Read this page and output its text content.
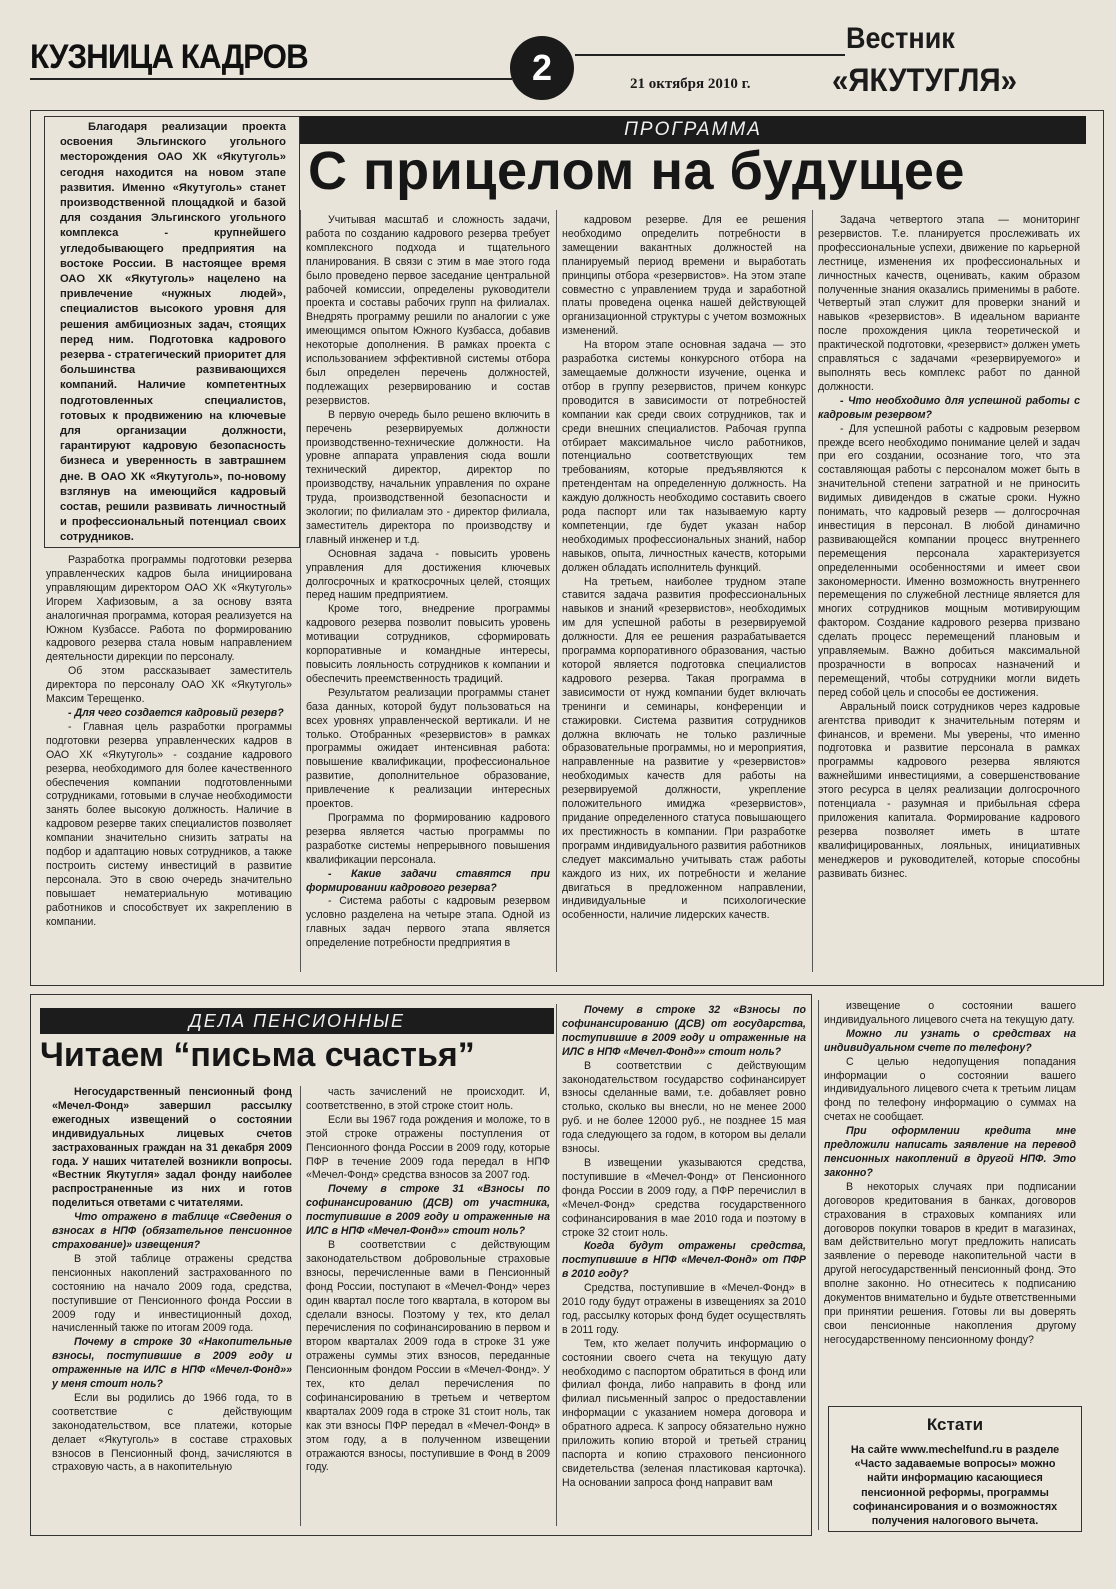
КУЗНИЦА КАДРОВ	2	21 октября 2010 г.
Вестник
«ЯКУТУГЛЯ»
Благодаря реализации проекта освоения Эльгинского угольного месторождения ОАО ХК «Якутуголь» сегодня находится на новом этапе развития. Именно «Якутуголь» станет производственной площадкой и базой для создания Эльгинского угольного комплекса - крупнейшего угледобывающего предприятия на востоке России. В настоящее время ОАО ХК «Якутуголь» нацелено на привлечение «нужных людей», специалистов высокого уровня для решения амбициозных задач, стоящих перед ним. Подготовка кадрового резерва - стратегический приоритет для большинства развивающихся компаний. Наличие компетентных подготовленных специалистов, готовых к продвижению на ключевые для организации должности, гарантируют кадровую безопасность бизнеса и уверенность в завтрашнем дне. В ОАО ХК «Якутуголь», по-новому взглянув на имеющийся кадровый состав, решили развивать личностный и профессиональный потенциал своих сотрудников.
ПРОГРАММА
С прицелом на будущее

Разработка программы подготовки резерва управленческих кадров была инициирована управляющим директором ОАО ХК «Якутуголь» Игорем Хафизовым, а за основу взята аналогичная программа, которая реализуется на Южном Кузбассе. Работа по формированию кадрового резерва стала новым направлением деятельности дирекции по персоналу.

Об этом рассказывает заместитель директора по персоналу ОАО ХК «Якутуголь» Максим Терещенко.

- Для чего создается кадровый резерв?

- Главная цель разработки программы подготовки резерва управленческих кадров в ОАО ХК «Якутуголь» - создание кадрового резерва, необходимого для более качественного обеспечения компании подготовленными сотрудниками, готовыми в случае необходимости занять более высокую должность. Наличие в кадровом резерве таких специалистов позволяет компании значительно снизить затраты на подбор и адаптацию новых сотрудников, а также построить систему инвестиций в развитие персонала. Это в свою очередь значительно повышает нематериальную мотивацию работников и способствует их закреплению в компании.

Учитывая масштаб и сложность задачи, работа по созданию кадрового резерва требует комплексного подхода и тщательного планирования. В связи с этим в мае этого года было проведено первое заседание центральной рабочей комиссии, определены руководители проекта и составы рабочих групп на филиалах. Внедрять программу решили по аналогии с уже имеющимся опытом Южного Кузбасса, добавив некоторые дополнения. В рамках проекта с использованием эффективной системы отбора был определен перечень должностей, подлежащих резервированию и состав резервистов.

В первую очередь было решено включить в перечень резервируемых должности производственно-технические должности. На уровне аппарата управления сюда вошли технический директор, директор по производству, начальник управления по охране труда, производственной безопасности и экологии; по филиалам это - директор филиала, заместитель директора по производству и главный инженер и т.д.

Основная задача - повысить уровень управления для достижения ключевых долгосрочных и краткосрочных целей, стоящих перед нашим предприятием.

Кроме того, внедрение программы кадрового резерва позволит повысить уровень мотивации сотрудников, сформировать корпоративные и командные интересы, повысить лояльность сотрудников к компании и обеспечить преемственность традиций.

Результатом реализации программы станет база данных, которой будут пользоваться на всех уровнях управленческой вертикали. И не только. Отобранных «резервистов» в рамках программы ожидает интенсивная работа: повышение квалификации, профессиональное развитие, дополнительное образование, привлечение к реализации интересных проектов.

Программа по формированию кадрового резерва является частью программы по разработке системы непрерывного повышения квалификации персонала.

- Какие задачи ставятся при формировании кадрового резерва?

- Система работы с кадровым резервом условно разделена на четыре этапа. Одной из главных задач первого этапа является определение потребности предприятия в

кадровом резерве. Для ее решения необходимо определить потребности в замещении вакантных должностей на планируемый период времени и выработать принципы отбора «резервистов». На этом этапе совместно с управлением труда и заработной платы проведена оценка нашей действующей организационной структуры с учетом возможных изменений.

На втором этапе основная задача — это разработка системы конкурсного отбора на замещаемые должности изучение, оценка и отбор в группу резервистов, причем конкурс проводится в зависимости от потребностей компании как среди своих сотрудников, так и среди внешних специалистов. Рабочая группа отбирает максимальное число работников, потенциально соответствующих тем требованиям, которые предъявляются к претендентам на определенную должность. На каждую должность необходимо составить своего рода паспорт или так называемую карту компетенции, где будет указан набор необходимых профессиональных знаний, набор навыков, опыта, личностных качеств, которыми должен обладать исполнитель функций.

На третьем, наиболее трудном этапе ставится задача развития профессиональных навыков и знаний «резервистов», необходимых им для успешной работы в резервируемой должности. Для ее решения разрабатывается программа корпоративного образования, частью которой является подготовка специалистов кадрового резерва. Такая программа в зависимости от нужд компании будет включать тренинги и семинары, конференции и стажировки. Система развития сотрудников должна включать не только различные образовательные программы, но и мероприятия, направленные на развитие у «резервистов» необходимых качеств для работы на резервируемой должности, укрепление положительного имиджа «резервистов», придание определенного статуса повышающего их престижность в компании. При разработке программ индивидуального развития работников следует максимально учитывать стаж работы каждого из них, их потребности и желание двигаться в предложенном направлении, индивидуальные и психологические особенности, наличие лидерских качеств.

Задача четвертого этапа — мониторинг резервистов. Т.е. планируется прослеживать их профессиональные успехи, движение по карьерной лестнице, изменения их профессиональных и личностных качеств, оценивать, каким образом полученные знания оказались применимы в работе. Четвертый этап служит для проверки знаний и навыков «резервистов». В идеальном варианте после прохождения цикла теоретической и практической подготовки, «резервист» должен уметь справляться с задачами «резервируемого» и выполнять весь комплекс работ по данной должности.

- Что необходимо для успешной работы с кадровым резервом?

- Для успешной работы с кадровым резервом прежде всего необходимо понимание целей и задач при его создании, осознание того, что эта составляющая работы с персоналом может быть в значительной степени затратной и не приносить видимых дивидендов в сжатые сроки. Нужно понимать, что кадровый резерв — долгосрочная инвестиция в персонал. В любой динамично развивающейся компании процесс внутреннего перемещения персонала характеризуется определенными особенностями и имеет свои закономерности. Именно возможность внутреннего перемещения по служебной лестнице является для многих сотрудников мощным мотивирующим фактором. Создание кадрового резерва призвано сделать процесс перемещений плановым и управляемым. Важно добиться максимальной прозрачности в вопросах назначений и перемещений, чтобы сотрудники могли видеть перед собой цель и способы ее достижения.

Авральный поиск сотрудников через кадровые агентства приводит к значительным потерям и финансов, и времени. Мы уверены, что именно подготовка и развитие персонала в рамках программы кадрового резерва являются важнейшими инвестициями, а совершенствование этого ресурса в целях реализации долгосрочного потенциала - разумная и прибыльная сфера приложения капитала. Формирование кадрового резерва позволяет иметь в штате квалифицированных, лояльных, инициативных менеджеров и руководителей, которые способны развивать бизнес.

ДЕЛА ПЕНСИОННЫЕ
Читаем “письма счастья”

Негосударственный пенсионный фонд «Мечел-Фонд» завершил рассылку ежегодных извещений о состоянии индивидуальных лицевых счетов застрахованных граждан на 31 декабря 2009 года. У наших читателей возникли вопросы. «Вестник Якутугля» задал фонду наиболее распространенные из них и готов поделиться ответами с читателями.

Что отражено в таблице «Сведения о взносах в НПФ (обязательное пенсионное страхование)» извещения?

В этой таблице отражены средства пенсионных накоплений застрахованного по состоянию на начало 2009 года, средства, поступившие от Пенсионного фонда России в 2009 году и инвестиционный доход, начисленный также по итогам 2009 года.

Почему в строке 30 «Накопительные взносы, поступившие в 2009 году и отраженные на ИЛС в НПФ «Мечел-Фонд»» у меня стоит ноль?

Если вы родились до 1966 года, то в соответствие с действующим законодательством, все платежи, которые делает «Якутуголь» в составе страховых взносов в Пенсионный фонд, зачисляются в страховую часть, а в накопительную

часть зачислений не происходит. И, соответственно, в этой строке стоит ноль.

Если вы 1967 года рождения и моложе, то в этой строке отражены поступления от Пенсионного фонда России в 2009 году, которые ПФР в течение 2009 года передал в НПФ «Мечел-Фонд» средства взносов за 2007 год.

Почему в строке 31 «Взносы по софинансированию (ДСВ) от участника, поступившие в 2009 году и отраженные на ИЛС в НПФ «Мечел-Фонд»» стоит ноль?

В соответствии с действующим законодательством добровольные страховые взносы, перечисленные вами в Пенсионный фонд России, поступают в «Мечел-Фонд» через один квартал после того квартала, в котором вы сделали взносы. Поэтому у тех, кто делал перечисления по софинансированию в первом и втором кварталах 2009 года в строке 31 уже отражены суммы этих взносов, переданные Пенсионным фондом России в «Мечел-Фонд». У тех, кто делал перечисления по софинансированию в третьем и четвертом кварталах 2009 года в строке 31 стоит ноль, так как эти взносы ПФР передал в «Мечел-Фонд» в этом году, а в полученном извещении отражаются взносы, поступившие в Фонд в 2009 году.

Почему в строке 32 «Взносы по софинансированию (ДСВ) от государства, поступившие в 2009 году и отраженные на ИЛС в НПФ «Мечел-Фонд»» стоит ноль?

В соответствии с действующим законодательством государство софинансирует взносы сделанные вами, т.е. добавляет ровно столько, сколько вы внесли, но не менее 2000 руб. и не более 12000 руб., не позднее 15 мая года следующего за годом, в котором вы делали взносы.

В извещении указываются средства, поступившие в «Мечел-Фонд» от Пенсионного фонда России в 2009 году, а ПФР перечислил в «Мечел-Фонд» средства государственного софинансирования в мае 2010 года и поэтому в строке 32 стоит ноль.

Когда будут отражены средства, поступившие в НПФ «Мечел-Фонд» от ПФР в 2010 году?

Средства, поступившие в «Мечел-Фонд» в 2010 году будут отражены в извещениях за 2010 год, рассылку которых фонд будет осуществлять в 2011 году.

Тем, кто желает получить информацию о состоянии своего счета на текущую дату необходимо с паспортом обратиться в фонд или филиал фонда, либо направить в фонд или филиал письменный запрос о предоставлении информации с указанием номера договора и обратного адреса. К запросу обязательно нужно приложить копию второй и третьей страниц паспорта и копию страхового пенсионного свидетельства (зеленая пластиковая карточка). На основании запроса фонд направит вам

извещение о состоянии вашего индивидуального лицевого счета на текущую дату.

Можно ли узнать о средствах на индивидуальном счете по телефону?

С целью недопущения попадания информации о состоянии вашего индивидуального лицевого счета к третьим лицам фонд по телефону информацию о суммах на счетах не сообщает.

При оформлении кредита мне предложили написать заявление на перевод пенсионных накоплений в другой НПФ. Это законно?

В некоторых случаях при подписании договоров кредитования в банках, договоров страхования в страховых компаниях или договоров покупки товаров в кредит в магазинах, вам действительно могут предложить написать заявление о переводе накопительной части в другой негосударственный пенсионный фонд. Это вполне законно. Но отнеситесь к подписанию документов внимательно и будьте ответственными при принятии решения. Готовы ли вы доверять свои пенсионные накопления другому негосударственному пенсионному фонду?

Кстати
На сайте www.mechelfund.ru в разделе «Часто задаваемые вопросы» можно найти информацию касающиеся пенсионной реформы, программы софинансирования и о возможностях получения налогового вычета.
